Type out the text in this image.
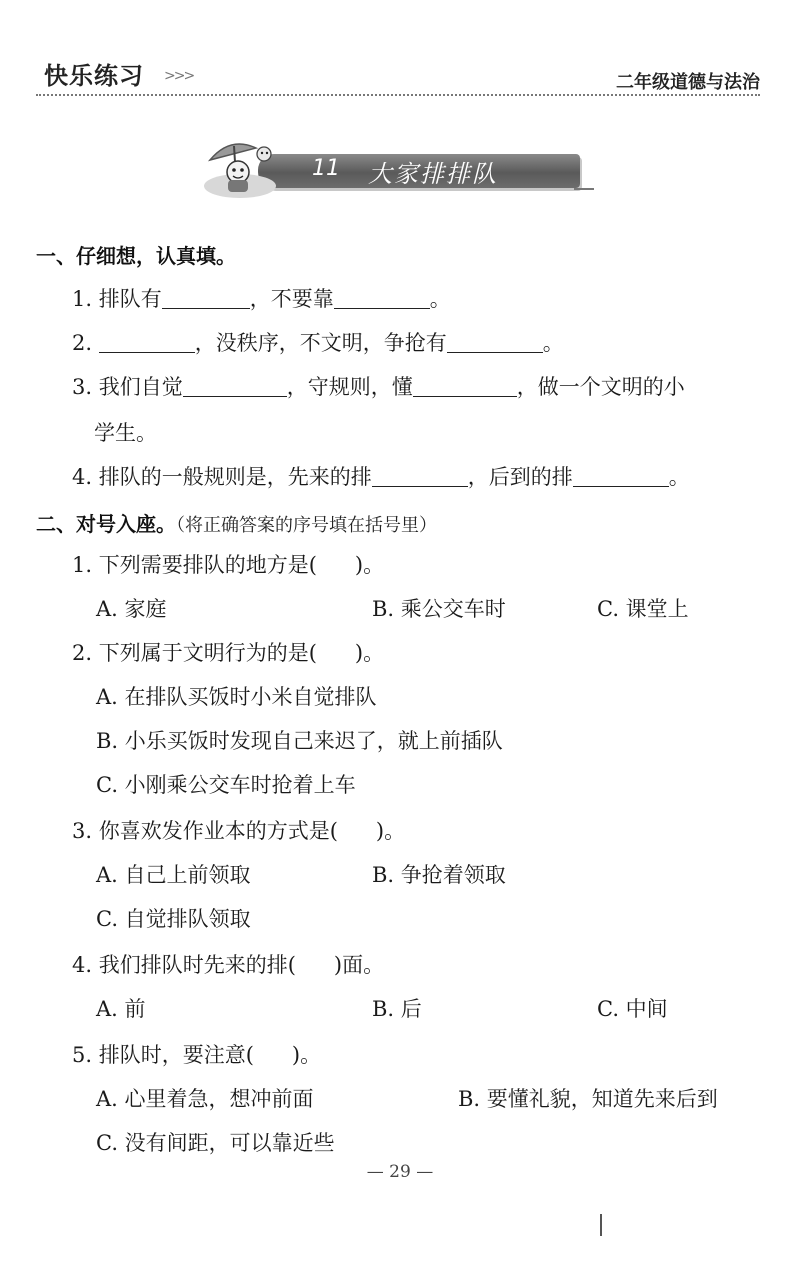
快乐练习 >>>	二年级道德与法治
11 大家排排队
一、仔细想，认真填。
1. 排队有	，不要靠	。
2.	，没秩序，不文明，争抢有	。
3. 我们自觉	，守规则，懂	，做一个文明的小
学生。
4. 排队的一般规则是，先来的排	，后到的排	。
二、对号入座。（将正确答案的序号填在括号里）
1. 下列需要排队的地方是( )。
A. 家庭	B. 乘公交车时	C. 课堂上
2. 下列属于文明行为的是( )。
A. 在排队买饭时小米自觉排队
B. 小乐买饭时发现自己来迟了，就上前插队
C. 小刚乘公交车时抢着上车
3. 你喜欢发作业本的方式是( )。
A. 自己上前领取	B. 争抢着领取
C. 自觉排队领取
4. 我们排队时先来的排( )面。
A. 前	B. 后	C. 中间
5. 排队时，要注意( )。
A. 心里着急，想冲前面	B. 要懂礼貌，知道先来后到
C. 没有间距，可以靠近些
— 29 —
